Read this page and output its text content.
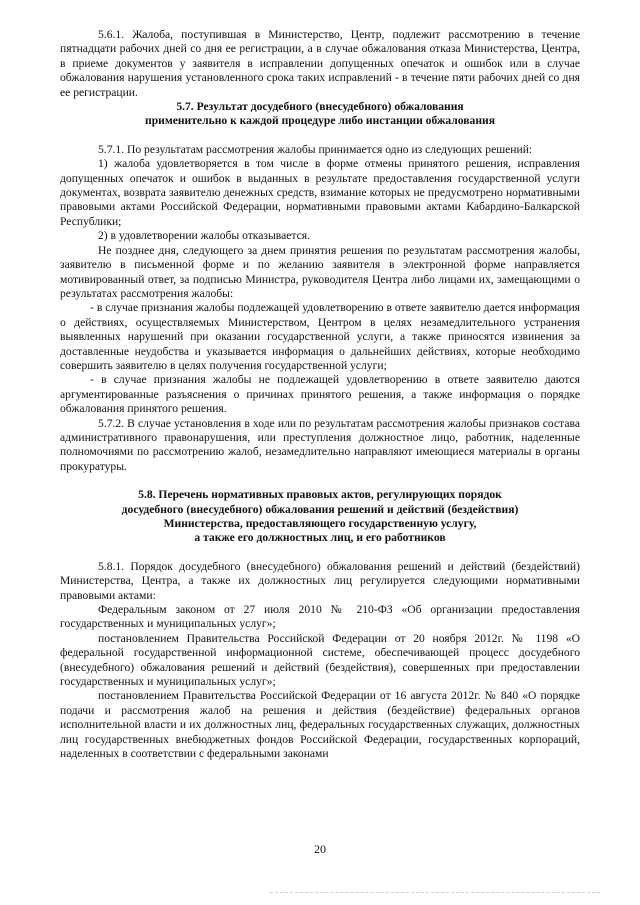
5.6.1. Жалоба, поступившая в Министерство, Центр, подлежит рассмотрению в течение пятнадцати рабочих дней со дня ее регистрации, а в случае обжалования отказа Министерства, Центра, в приеме документов у заявителя в исправлении допущенных опечаток и ошибок или в случае обжалования нарушения установленного срока таких исправлений - в течение пяти рабочих дней со дня ее регистрации.

5.7. Результат досудебного (внесудебного) обжалования

применительно к каждой процедуре либо инстанции обжалования

5.7.1. По результатам рассмотрения жалобы принимается одно из следующих решений:

1) жалоба удовлетворяется в том числе в форме отмены принятого решения, исправления допущенных опечаток и ошибок в выданных в результате предоставления государственной услуги документах, возврата заявителю денежных средств, взимание которых не предусмотрено нормативными правовыми актами Российской Федерации, нормативными правовыми актами Кабардино-Балкарской Республики;

2) в удовлетворении жалобы отказывается.

Не позднее дня, следующего за днем принятия решения по результатам рассмотрения жалобы, заявителю в письменной форме и по желанию заявителя в электронной форме направляется мотивированный ответ, за подписью Министра, руководителя Центра либо лицами их, замещающими о результатах рассмотрения жалобы:

- в случае признания жалобы подлежащей удовлетворению в ответе заявителю дается информация о действиях, осуществляемых Министерством, Центром в целях незамедлительного устранения выявленных нарушений при оказании государственной услуги, а также приносятся извинения за доставленные неудобства и указывается информация о дальнейших действиях, которые необходимо совершить заявителю в целях получения государственной услуги;

- в случае признания жалобы не подлежащей удовлетворению в ответе заявителю даются аргументированные разъяснения о причинах принятого решения, а также информация о порядке обжалования принятого решения.

5.7.2. В случае установления в ходе или по результатам рассмотрения жалобы признаков состава административного правонарушения, или преступления должностное лицо, работник, наделенные полномочиями по рассмотрению жалоб, незамедлительно направляют имеющиеся материалы в органы прокуратуры.

5.8. Перечень нормативных правовых актов, регулирующих порядок

досудебного (внесудебного) обжалования решений и действий (бездействия)

Министерства, предоставляющего государственную услугу,

а также его должностных лиц, и его работников

5.8.1. Порядок досудебного (внесудебного) обжалования решений и действий (бездействий) Министерства, Центра, а также их должностных лиц регулируется следующими нормативными правовыми актами:

Федеральным законом от 27 июля 2010 № 210-ФЗ «Об организации предоставления государственных и муниципальных услуг»;

постановлением Правительства Российской Федерации от 20 ноября 2012г. № 1198 «О федеральной государственной информационной системе, обеспечивающей процесс досудебного (внесудебного) обжалования решений и действий (бездействия), совершенных при предоставлении государственных и муниципальных услуг»;

постановлением Правительства Российской Федерации от 16 августа 2012г. № 840 «О порядке подачи и рассмотрения жалоб на решения и действия (бездействие) федеральных органов исполнительной власти и их должностных лиц, федеральных государственных служащих, должностных лиц государственных внебюджетных фондов Российской Федерации, государственных корпораций, наделенных в соответствии с федеральными законами

20
